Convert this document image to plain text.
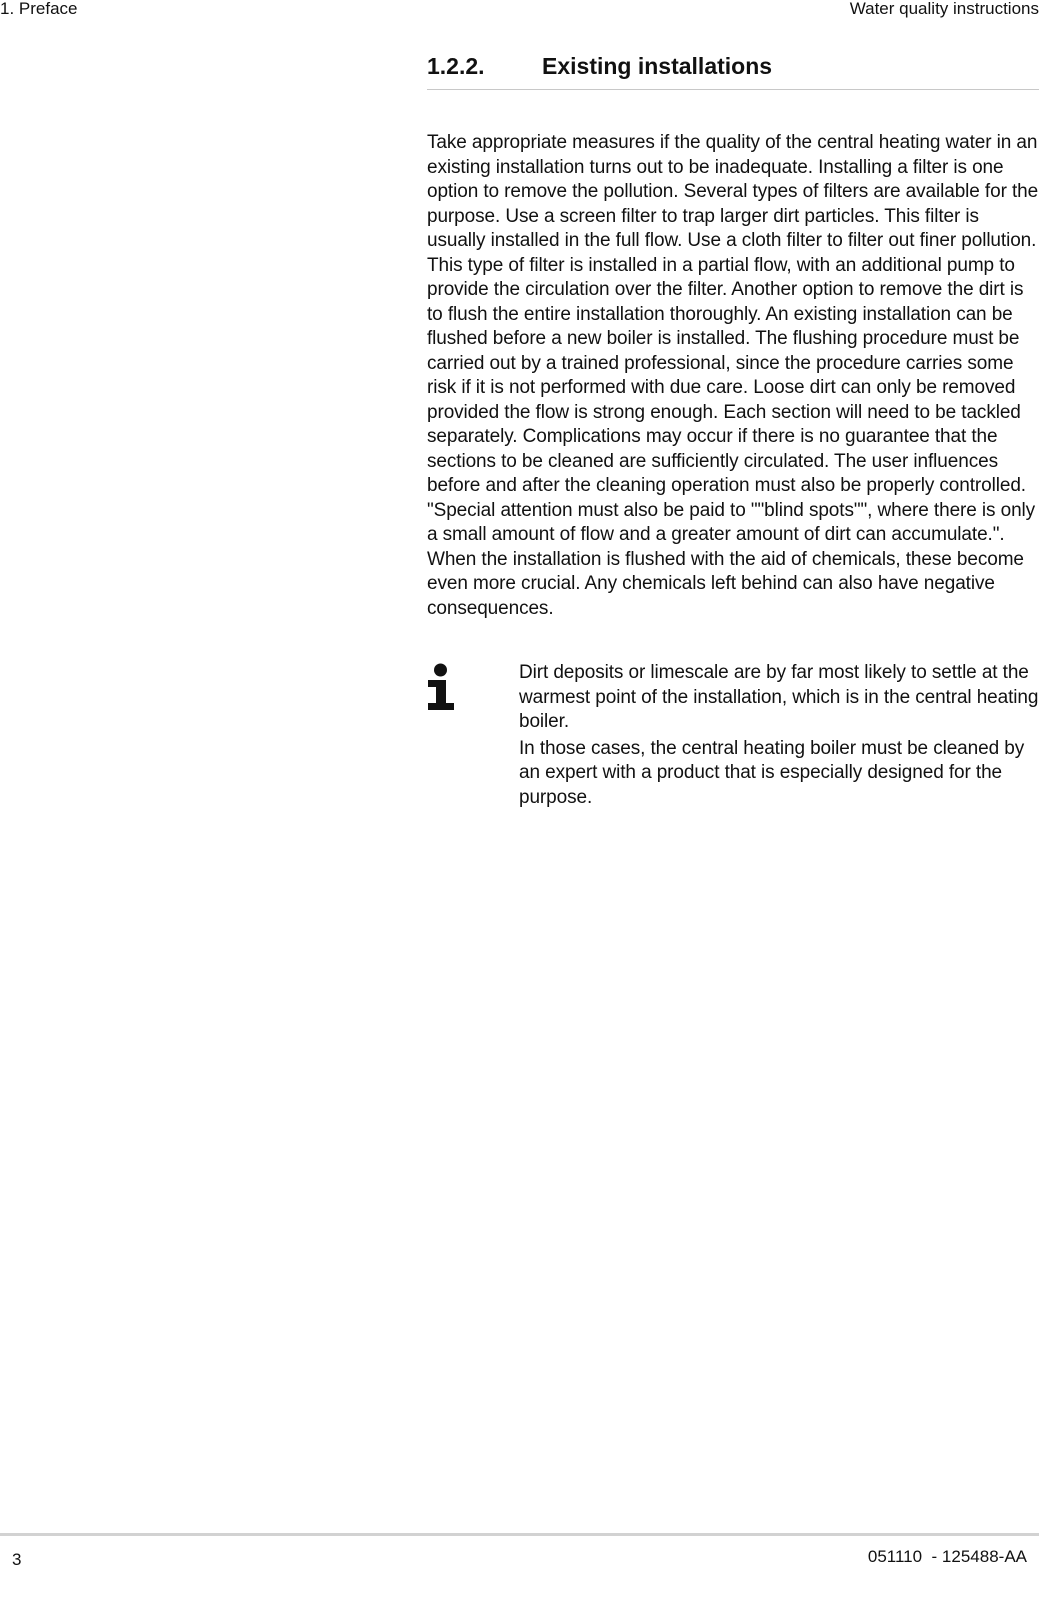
1. Preface	Water quality instructions
1.2.2. Existing installations

Take appropriate measures if the quality of the central heating water in an existing installation turns out to be inadequate. Installing a filter is one option to remove the pollution. Several types of filters are available for the purpose. Use a screen filter to trap larger dirt particles. This filter is usually installed in the full flow. Use a cloth filter to filter out finer pollution. This type of filter is installed in a partial flow, with an additional pump to provide the circulation over the filter. Another option to remove the dirt is to flush the entire installation thoroughly. An existing installation can be flushed before a new boiler is installed. The flushing procedure must be carried out by a trained professional, since the procedure carries some risk if it is not performed with due care. Loose dirt can only be removed provided the flow is strong enough. Each section will need to be tackled separately. Complications may occur if there is no guarantee that the sections to be cleaned are sufficiently circulated. The user influences before and after the cleaning operation must also be properly controlled. "Special attention must also be paid to ""blind spots"", where there is only a small amount of flow and a greater amount of dirt can accumulate.". When the installation is flushed with the aid of chemicals, these become even more crucial. Any chemicals left behind can also have negative consequences.

Dirt deposits or limescale are by far most likely to settle at the warmest point of the installation, which is in the central heating boiler.

In those cases, the central heating boiler must be cleaned by an expert with a product that is especially designed for the purpose.

3	051110  - 125488-AA
